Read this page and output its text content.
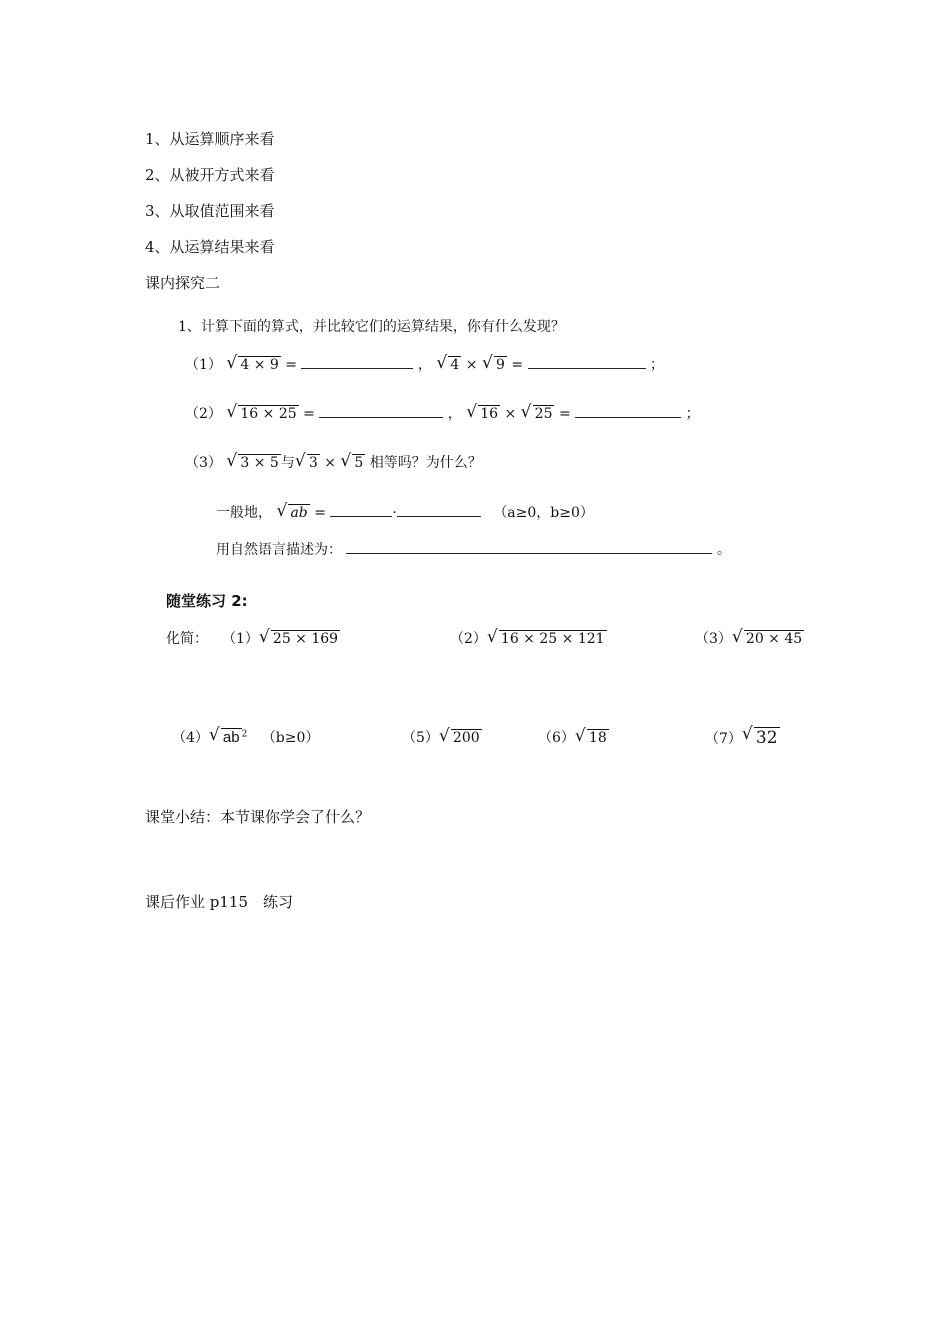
1、从运算顺序来看
2、从被开方式来看
3、从取值范围来看
4、从运算结果来看
课内探究二
1、计算下面的算式，并比较它们的运算结果，你有什么发现？
（1） √ 4 × 9 =	， √ 4 × √ 9 =	；
（2） √ 16 × 25 =	， √ 16 × √ 25 =	；
（3） √ 3 × 5 与 √ 3 × √ 5 相等吗？为什么？
一般地， √ ab =	·	（a≥0，b≥0）
用自然语言描述为：	。
随堂练习 2:
化简： （1） √ 25 × 169	（2） √ 16 × 25 × 121	（3） √ 20 × 45
（4） √ ab $^2$ （b≥0）	（5） √ 200	（6） √ 18	（7） √ 32
课堂小结：本节课你学会了什么？
课后作业 p115　练习
